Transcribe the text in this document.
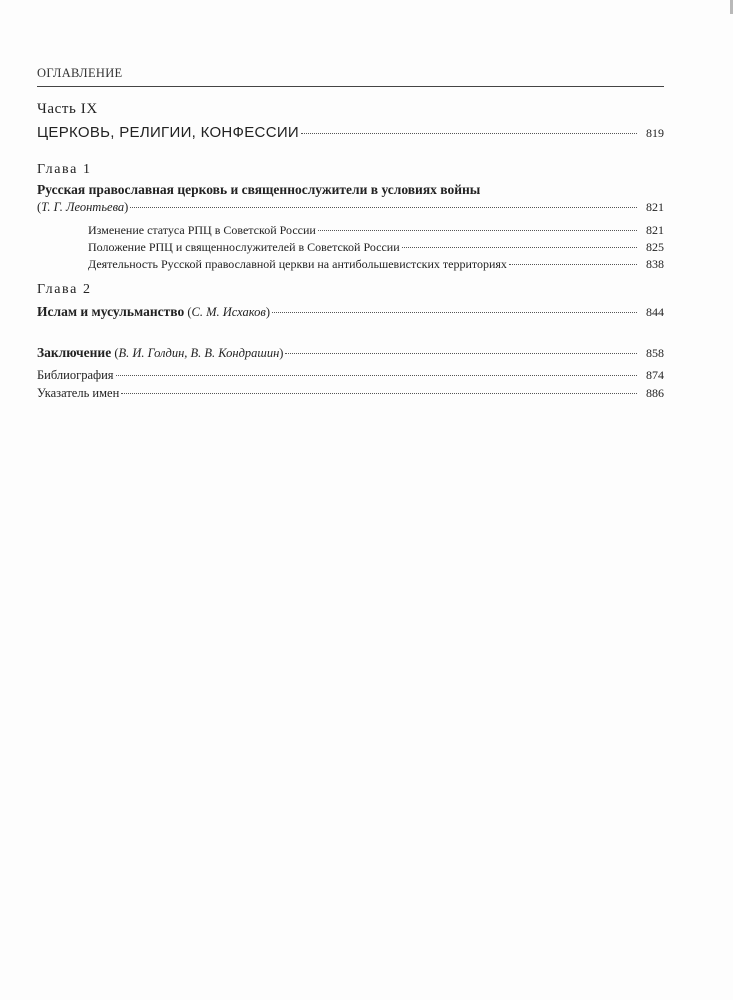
ОГЛАВЛЕНИЕ
Часть IX
ЦЕРКОВЬ, РЕЛИГИИ, КОНФЕССИИ	819
Глава 1
Русская православная церковь и священнослужители в условиях войны
(Т. Г. Леонтьева)	821
Изменение статуса РПЦ в Советской России	821
Положение РПЦ и священнослужителей в Советской России	825
Деятельность Русской православной церкви на антибольшевистских территориях	838
Глава 2
Ислам и мусульманство (С. М. Исхаков)	844
Заключение (В. И. Голдин, В. В. Кондрашин)	858
Библиография	874
Указатель имен	886
